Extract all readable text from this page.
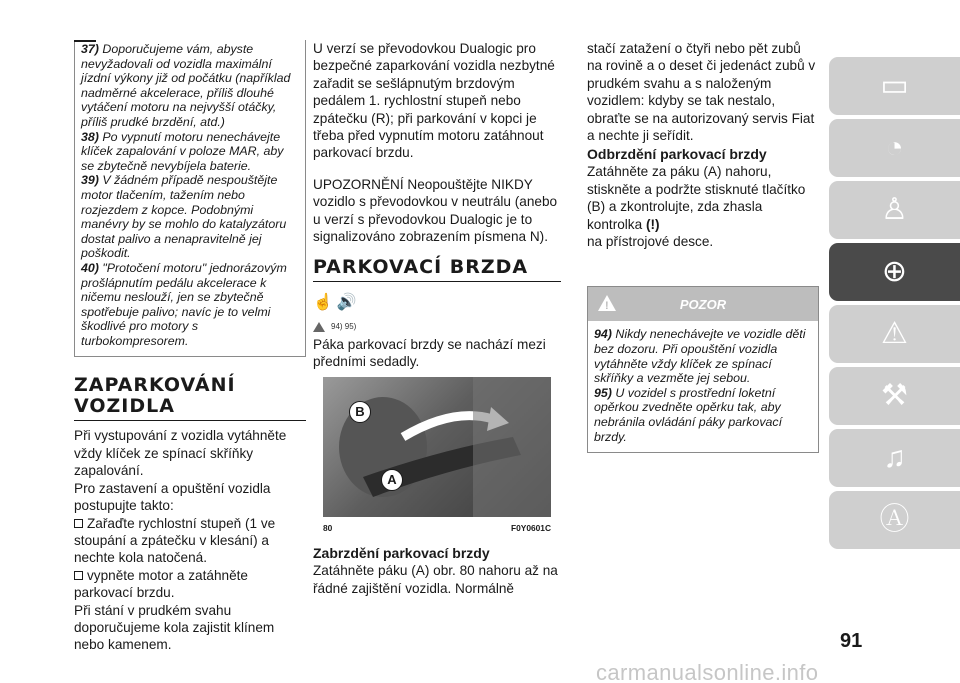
37) Doporučujeme vám, abyste nevyžadovali od vozidla maximální jízdní výkony již od počátku (například nadměrné akcelerace, příliš dlouhé vytáčení motoru na nejvyšší otáčky, příliš prudké brzdění, atd.)
38) Po vypnutí motoru nenechávejte klíček zapalování v poloze MAR, aby se zbytečně nevybíjela baterie.
39) V žádném případě nespouštějte motor tlačením, tažením nebo rozjezdem z kopce. Podobnými manévry by se mohlo do katalyzátoru dostat palivo a nenapravitelně jej poškodit.
40) "Protočení motoru" jednorázovým prošlápnutím pedálu akcelerace k ničemu neslouží, jen se zbytečně spotřebuje palivo; navíc je to velmi škodlivé pro motory s turbokompresorem.
ZAPARKOVÁNÍ
VOZIDLA
Při vystupování z vozidla vytáhněte vždy klíček ze spínací skříňky zapalování.
Pro zastavení a opuštění vozidla postupujte takto:
Zařaďte rychlostní stupeň (1 ve stoupání a zpátečku v klesání) a nechte kola natočená.
vypněte motor a zatáhněte parkovací brzdu.
Při stání v prudkém svahu doporučujeme kola zajistit klínem nebo kamenem.
U verzí se převodovkou Dualogic pro bezpečné zaparkování vozidla nezbytné zařadit se sešlápnutým brzdovým pedálem 1. rychlostní stupeň nebo zpátečku (R); při parkování v kopci je třeba před vypnutím motoru zatáhnout parkovací brzdu.
UPOZORNĚNÍ Neopouštějte NIKDY vozidlo s převodovkou v neutrálu (anebo u verzí s převodovkou Dualogic je to signalizováno zobrazením písmena N).
PARKOVACÍ BRZDA
☝ 🔊
94) 95)
Páka parkovací brzdy se nachází mezi předními sedadly.
B
A
80	F0Y0601C
Zabrzdění parkovací brzdy
Zatáhněte páku (A) obr. 80 nahoru až na řádné zajištění vozidla. Normálně
stačí zatažení o čtyři nebo pět zubů na rovině a o deset či jedenáct zubů v prudkém svahu a s naloženým vozidlem: kdyby se tak nestalo, obraťte se na autorizovaný servis Fiat a nechte ji seřídit.
Odbrzdění parkovací brzdy
Zatáhněte za páku (A) nahoru, stiskněte a podržte stisknuté tlačítko (B) a zkontrolujte, zda zhasla kontrolka (!)
na přístrojové desce.
!	POZOR
94) Nikdy nenechávejte ve vozidle děti bez dozoru. Při opouštění vozidla vytáhněte vždy klíček ze spínací skříňky a vezměte jej sebou.
95) U vozidel s prostřední loketní opěrkou zvedněte opěrku tak, aby nebránila ovládání páky parkovací brzdy.
▭
◔
♙
⊕
⚠
⚒
♫
Ⓐ
91
carmanualsonline.info
